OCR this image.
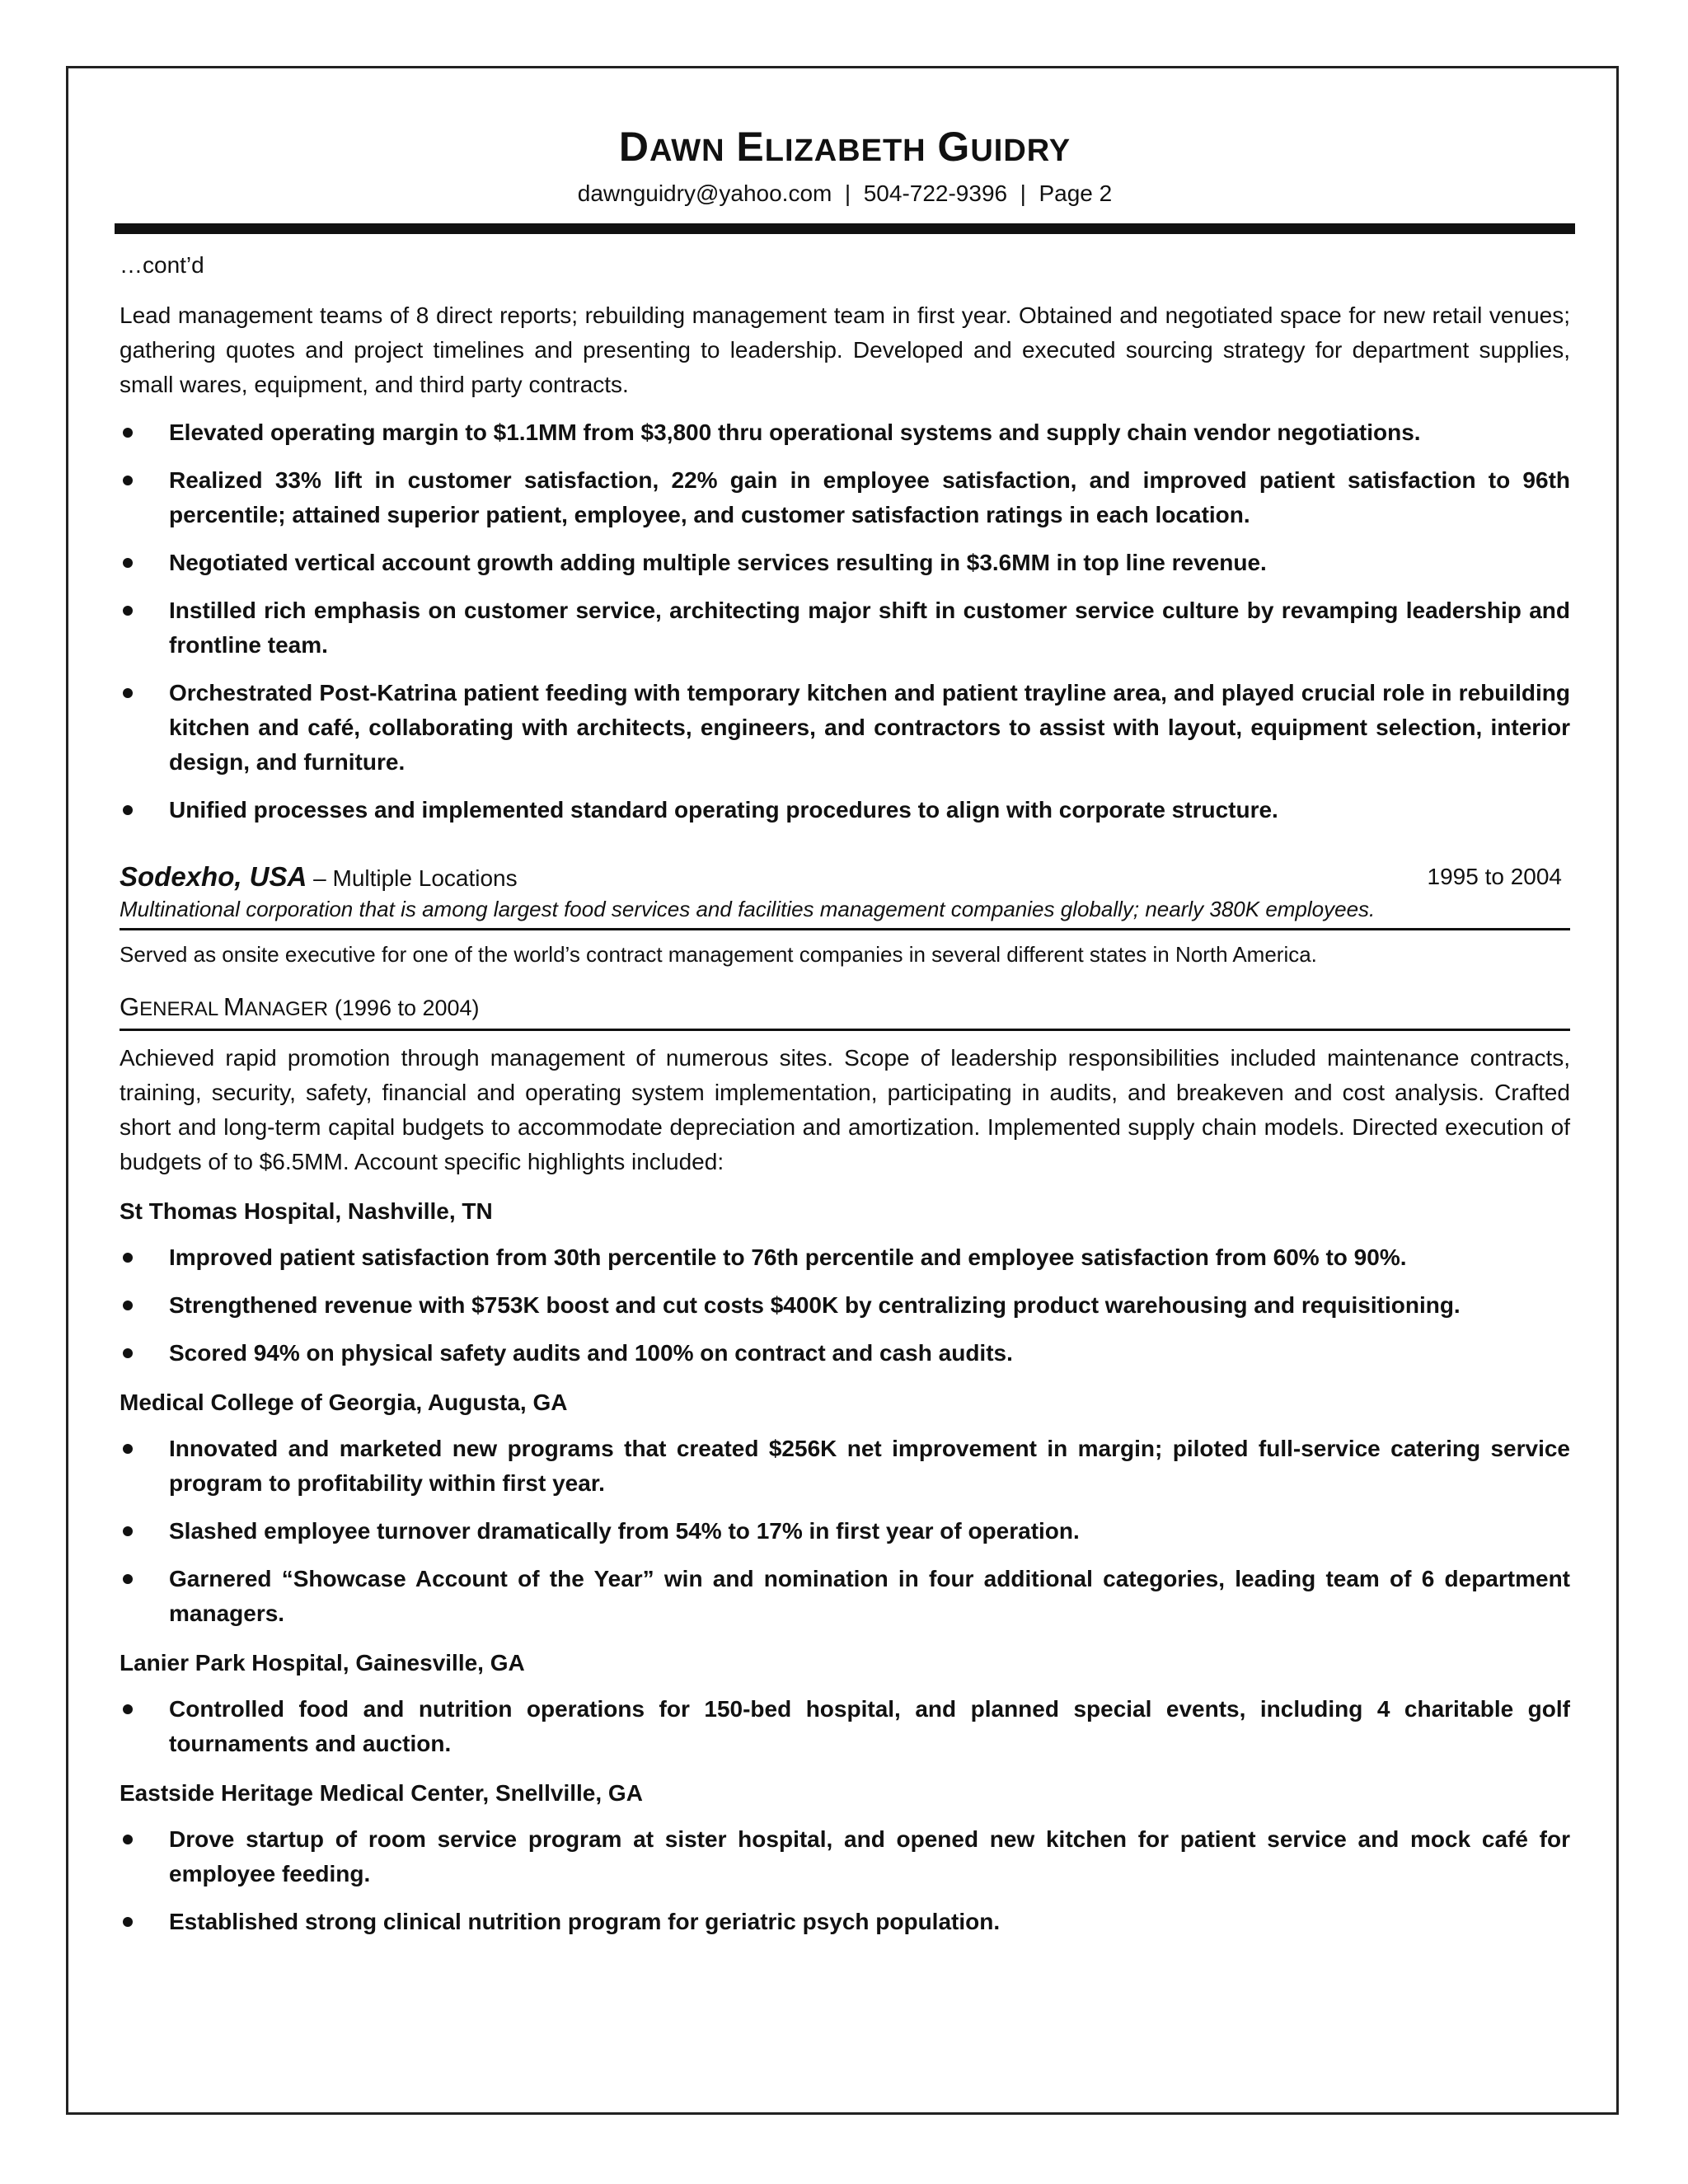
DAWN ELIZABETH GUIDRY
dawnguidry@yahoo.com  |  504-722-9396  |  Page 2
…cont’d

Lead management teams of 8 direct reports; rebuilding management team in first year. Obtained and negotiated space for new retail venues; gathering quotes and project timelines and presenting to leadership. Developed and executed sourcing strategy for department supplies, small wares, equipment, and third party contracts.

Elevated operating margin to $1.1MM from $3,800 thru operational systems and supply chain vendor negotiations.
Realized 33% lift in customer satisfaction, 22% gain in employee satisfaction, and improved patient satisfaction to 96th percentile; attained superior patient, employee, and customer satisfaction ratings in each location.
Negotiated vertical account growth adding multiple services resulting in $3.6MM in top line revenue.
Instilled rich emphasis on customer service, architecting major shift in customer service culture by revamping leadership and frontline team.
Orchestrated Post-Katrina patient feeding with temporary kitchen and patient trayline area, and played crucial role in rebuilding kitchen and café, collaborating with architects, engineers, and contractors to assist with layout, equipment selection, interior design, and furniture.
Unified processes and implemented standard operating procedures to align with corporate structure.
Sodexho, USA – Multiple Locations	1995 to 2004
Multinational corporation that is among largest food services and facilities management companies globally; nearly 380K employees.
Served as onsite executive for one of the world’s contract management companies in several different states in North America.
GENERAL MANAGER (1996 to 2004)

Achieved rapid promotion through management of numerous sites. Scope of leadership responsibilities included maintenance contracts, training, security, safety, financial and operating system implementation, participating in audits, and breakeven and cost analysis. Crafted short and long-term capital budgets to accommodate depreciation and amortization. Implemented supply chain models. Directed execution of budgets of to $6.5MM. Account specific highlights included:

St Thomas Hospital, Nashville, TN
Improved patient satisfaction from 30th percentile to 76th percentile and employee satisfaction from 60% to 90%.
Strengthened revenue with $753K boost and cut costs $400K by centralizing product warehousing and requisitioning.
Scored 94% on physical safety audits and 100% on contract and cash audits.
Medical College of Georgia, Augusta, GA
Innovated and marketed new programs that created $256K net improvement in margin; piloted full-service catering service program to profitability within first year.
Slashed employee turnover dramatically from 54% to 17% in first year of operation.
Garnered “Showcase Account of the Year” win and nomination in four additional categories, leading team of 6 department managers.
Lanier Park Hospital, Gainesville, GA
Controlled food and nutrition operations for 150-bed hospital, and planned special events, including 4 charitable golf tournaments and auction.
Eastside Heritage Medical Center, Snellville, GA
Drove startup of room service program at sister hospital, and opened new kitchen for patient service and mock café for employee feeding.
Established strong clinical nutrition program for geriatric psych population.
